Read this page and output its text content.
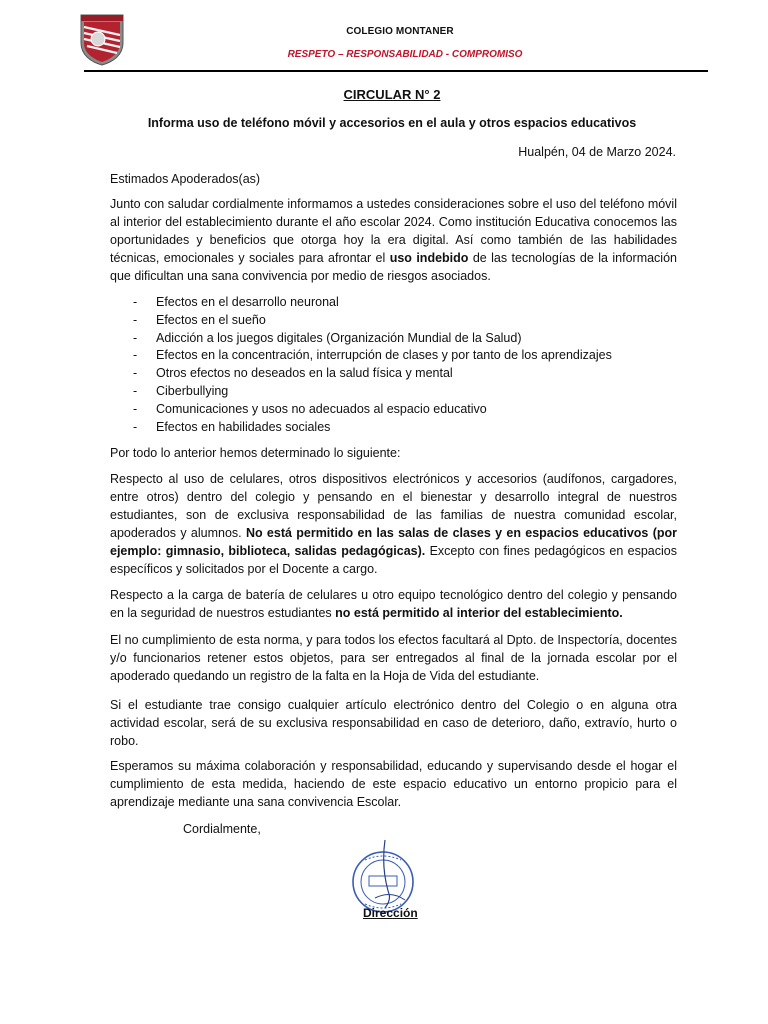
COLEGIO MONTANER
RESPETO – RESPONSABILIDAD - COMPROMISO
CIRCULAR N° 2
Informa uso de teléfono móvil y accesorios en el aula y otros espacios educativos
Hualpén, 04 de Marzo 2024.
Estimados Apoderados(as)

Junto con saludar cordialmente informamos a ustedes consideraciones sobre el uso del teléfono móvil al interior del establecimiento durante el año escolar 2024. Como institución Educativa conocemos las oportunidades y beneficios que otorga hoy la era digital. Así como también de las habilidades técnicas, emocionales y sociales para afrontar el uso indebido de las tecnologías de la información que dificultan una sana convivencia por medio de riesgos asociados.

- Efectos en el desarrollo neuronal
- Efectos en el sueño
- Adicción a los juegos digitales (Organización Mundial de la Salud)
- Efectos en la concentración, interrupción de clases y por tanto de los aprendizajes
- Otros efectos no deseados en la salud física y mental
- Ciberbullying
- Comunicaciones y usos no adecuados al espacio educativo
- Efectos en habilidades sociales

Por todo lo anterior hemos determinado lo siguiente:

Respecto al uso de celulares, otros dispositivos electrónicos y accesorios (audífonos, cargadores, entre otros) dentro del colegio y pensando en el bienestar y desarrollo integral de nuestros estudiantes, son de exclusiva responsabilidad de las familias de nuestra comunidad escolar, apoderados y alumnos. No está permitido en las salas de clases y en espacios educativos (por ejemplo: gimnasio, biblioteca, salidas pedagógicas). Excepto con fines pedagógicos en espacios específicos y solicitados por el Docente a cargo.

Respecto a la carga de batería de celulares u otro equipo tecnológico dentro del colegio y pensando en la seguridad de nuestros estudiantes no está permitido al interior del establecimiento.

El no cumplimiento de esta norma, y para todos los efectos facultará al Dpto. de Inspectoría, docentes y/o funcionarios retener estos objetos, para ser entregados al final de la jornada escolar por el apoderado quedando un registro de la falta en la Hoja de Vida del estudiante.

Si el estudiante trae consigo cualquier artículo electrónico dentro del Colegio o en alguna otra actividad escolar, será de su exclusiva responsabilidad en caso de deterioro, daño, extravío, hurto o robo.

Esperamos su máxima colaboración y responsabilidad, educando y supervisando desde el hogar el cumplimiento de esta medida, haciendo de este espacio educativo un entorno propicio para el aprendizaje mediante una sana convivencia Escolar.

Cordialmente,
Dirección
